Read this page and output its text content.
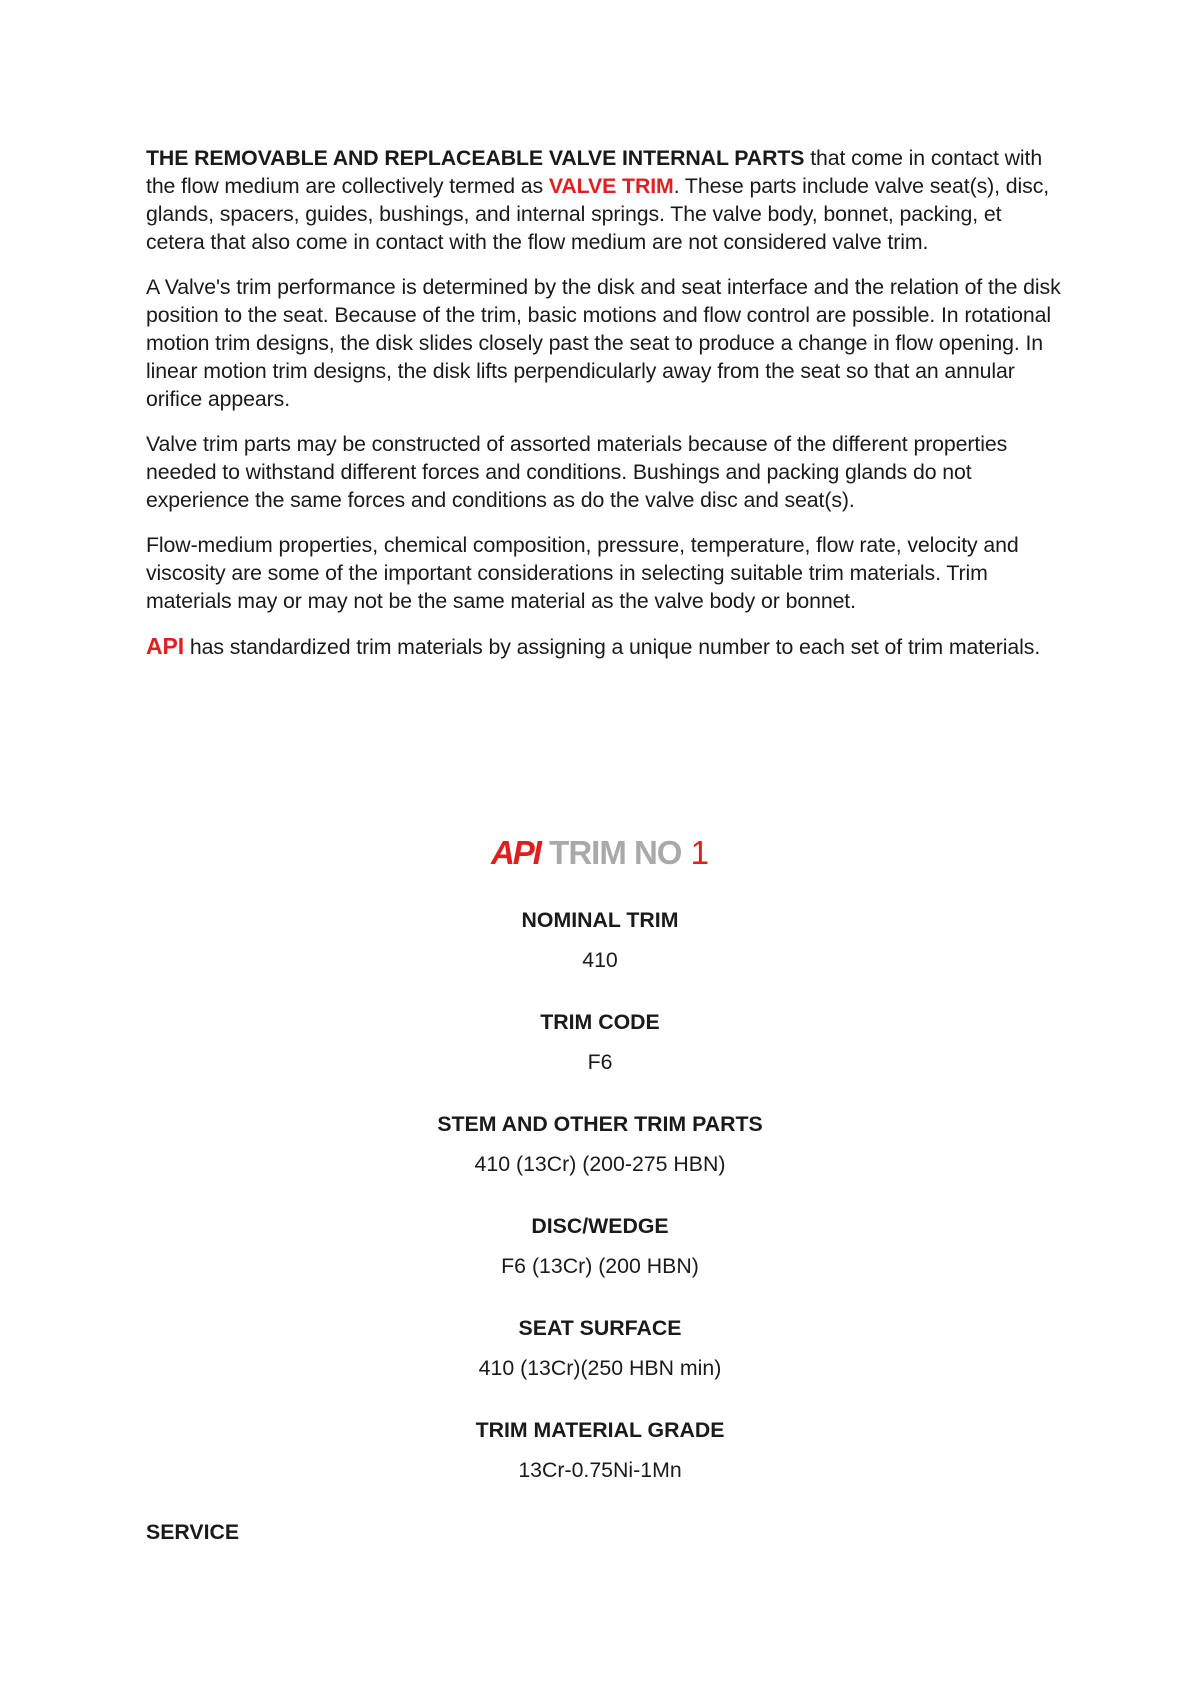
THE REMOVABLE AND REPLACEABLE VALVE INTERNAL PARTS that come in contact with the flow medium are collectively termed as VALVE TRIM. These parts include valve seat(s), disc, glands, spacers, guides, bushings, and internal springs. The valve body, bonnet, packing, et cetera that also come in contact with the flow medium are not considered valve trim.

A Valve's trim performance is determined by the disk and seat interface and the relation of the disk position to the seat. Because of the trim, basic motions and flow control are possible. In rotational motion trim designs, the disk slides closely past the seat to produce a change in flow opening. In linear motion trim designs, the disk lifts perpendicularly away from the seat so that an annular orifice appears.

Valve trim parts may be constructed of assorted materials because of the different properties needed to withstand different forces and conditions. Bushings and packing glands do not experience the same forces and conditions as do the valve disc and seat(s).

Flow-medium properties, chemical composition, pressure, temperature, flow rate, velocity and viscosity are some of the important considerations in selecting suitable trim materials. Trim materials may or may not be the same material as the valve body or bonnet.

API has standardized trim materials by assigning a unique number to each set of trim materials.

API TRIM NO 1
NOMINAL TRIM
410
TRIM CODE
F6
STEM AND OTHER TRIM PARTS
410 (13Cr) (200-275 HBN)
DISC/WEDGE
F6 (13Cr) (200 HBN)
SEAT SURFACE
410 (13Cr)(250 HBN min)
TRIM MATERIAL GRADE
13Cr-0.75Ni-1Mn
SERVICE
